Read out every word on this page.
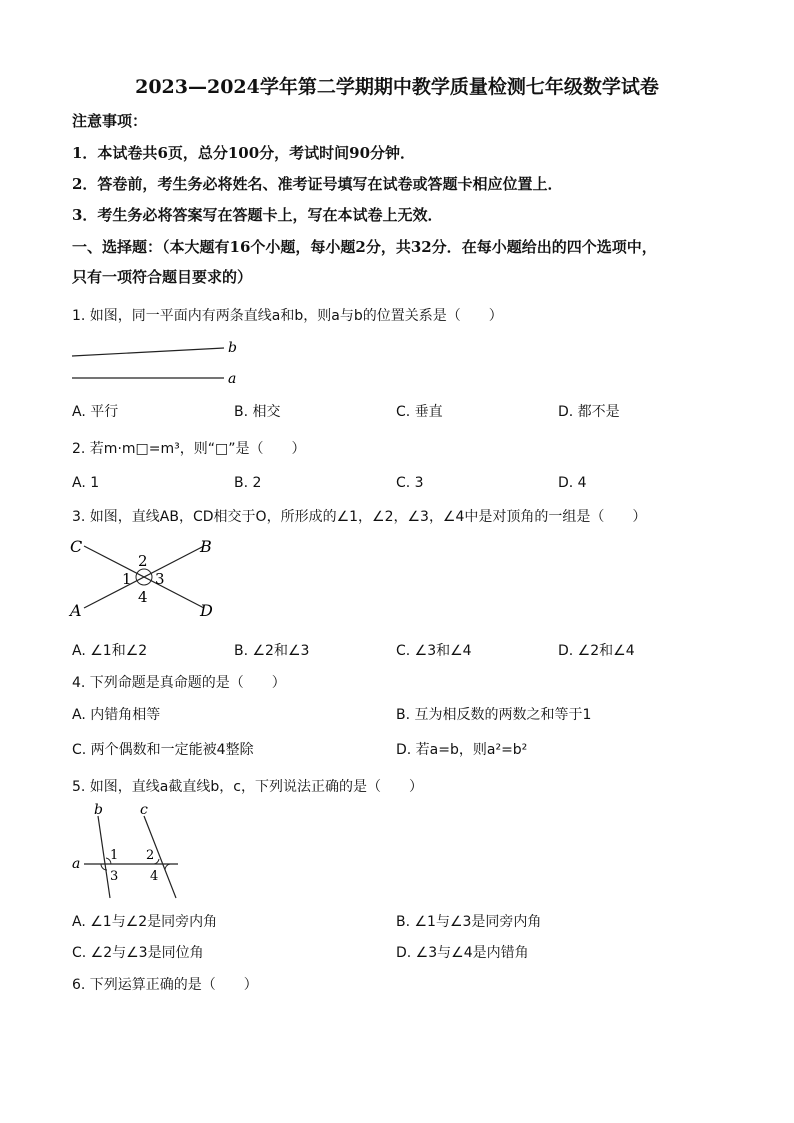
2023—2024学年第二学期期中教学质量检测七年级数学试卷
注意事项：
1．本试卷共6页，总分100分，考试时间90分钟．
2．答卷前，考生务必将姓名、准考证号填写在试卷或答题卡相应位置上．
3．考生务必将答案写在答题卡上，写在本试卷上无效．
一、选择题：（本大题有16个小题，每小题2分，共32分．在每小题给出的四个选项中，
只有一项符合题目要求的）
1. 如图，同一平面内有两条直线a和b，则a与b的位置关系是（　　）
b
a
A. 平行	B. 相交	C. 垂直	D. 都不是
2. 若m·m□=m³，则“□”是（　　）
A. 1	B. 2	C. 3	D. 4
3. 如图，直线AB，CD相交于O，所形成的∠1，∠2，∠3，∠4中是对顶角的一组是（　　）
C	B
A	D
1
2
3
4
A. ∠1和∠2	B. ∠2和∠3	C. ∠3和∠4	D. ∠2和∠4
4. 下列命题是真命题的是（　　）
A. 内错角相等	B. 互为相反数的两数之和等于1
C. 两个偶数和一定能被4整除	D. 若a=b，则a²=b²
5. 如图，直线a截直线b，c，下列说法正确的是（　　）
b	c
a
1 2
3 4
A. ∠1与∠2是同旁内角	B. ∠1与∠3是同旁内角
C. ∠2与∠3是同位角	D. ∠3与∠4是内错角
6. 下列运算正确的是（　　）
